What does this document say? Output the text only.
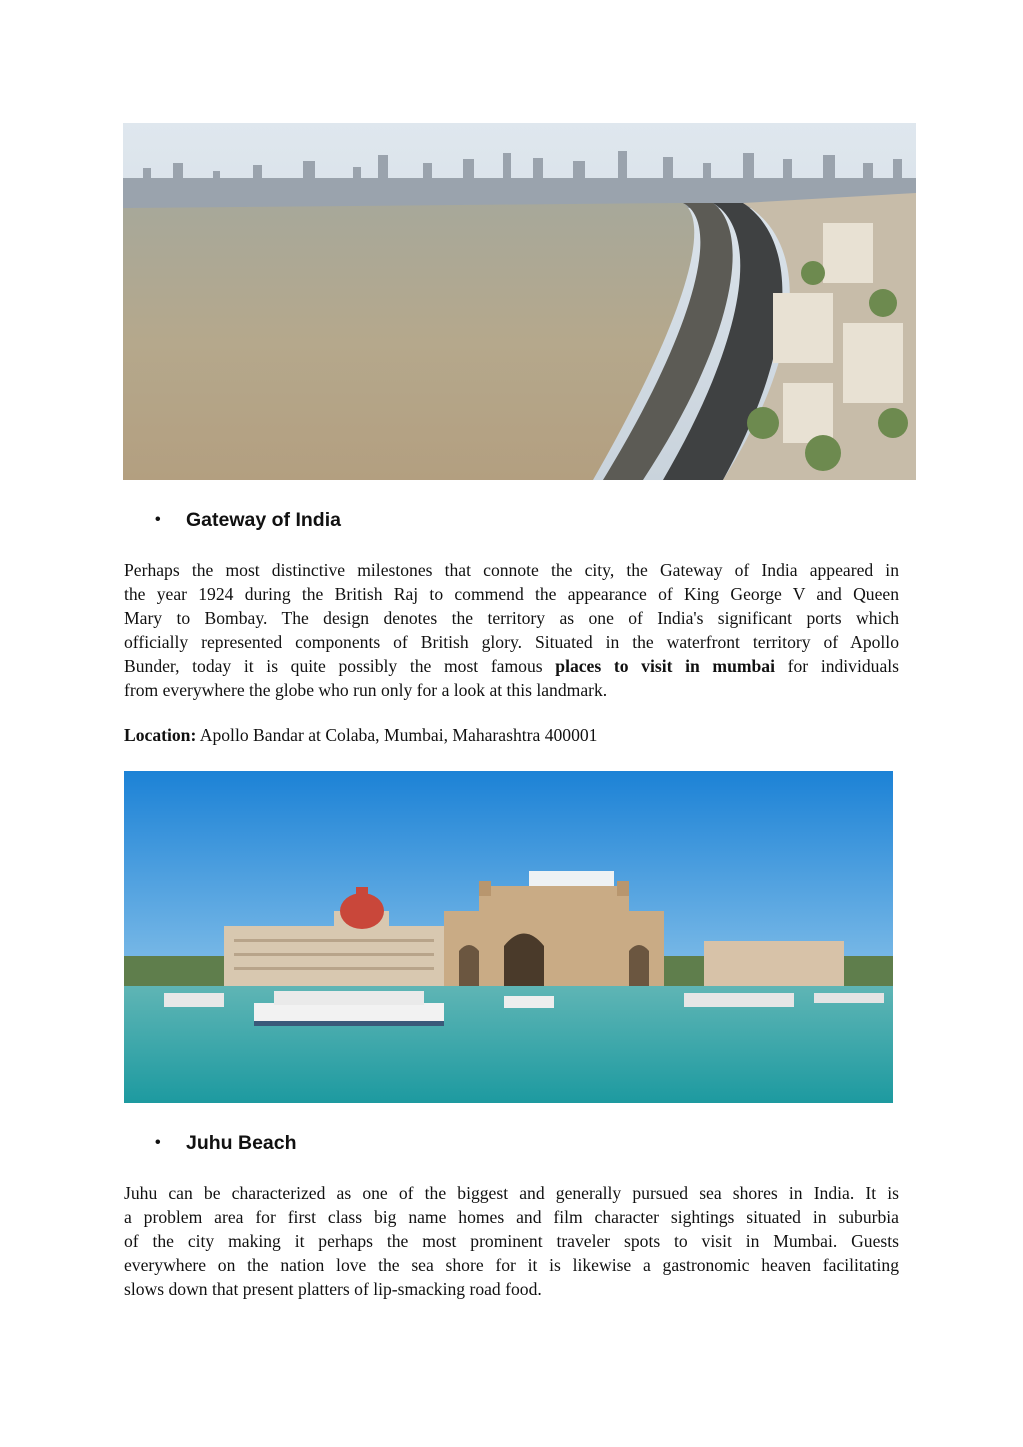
• Gateway of India
Perhaps the most distinctive milestones that connote the city, the Gateway of India appeared in
the year 1924 during the British Raj to commend the appearance of King George V and Queen
Mary to Bombay. The design denotes the territory as one of India's significant ports which
officially represented components of British glory. Situated in the waterfront territory of Apollo
Bunder, today it is quite possibly the most famous places to visit in mumbai for individuals
from everywhere the globe who run only for a look at this landmark.
Location: Apollo Bandar at Colaba, Mumbai, Maharashtra 400001
• Juhu Beach
Juhu can be characterized as one of the biggest and generally pursued sea shores in India. It is
a problem area for first class big name homes and film character sightings situated in suburbia
of the city making it perhaps the most prominent traveler spots to visit in Mumbai. Guests
everywhere on the nation love the sea shore for it is likewise a gastronomic heaven facilitating
slows down that present platters of lip-smacking road food.
